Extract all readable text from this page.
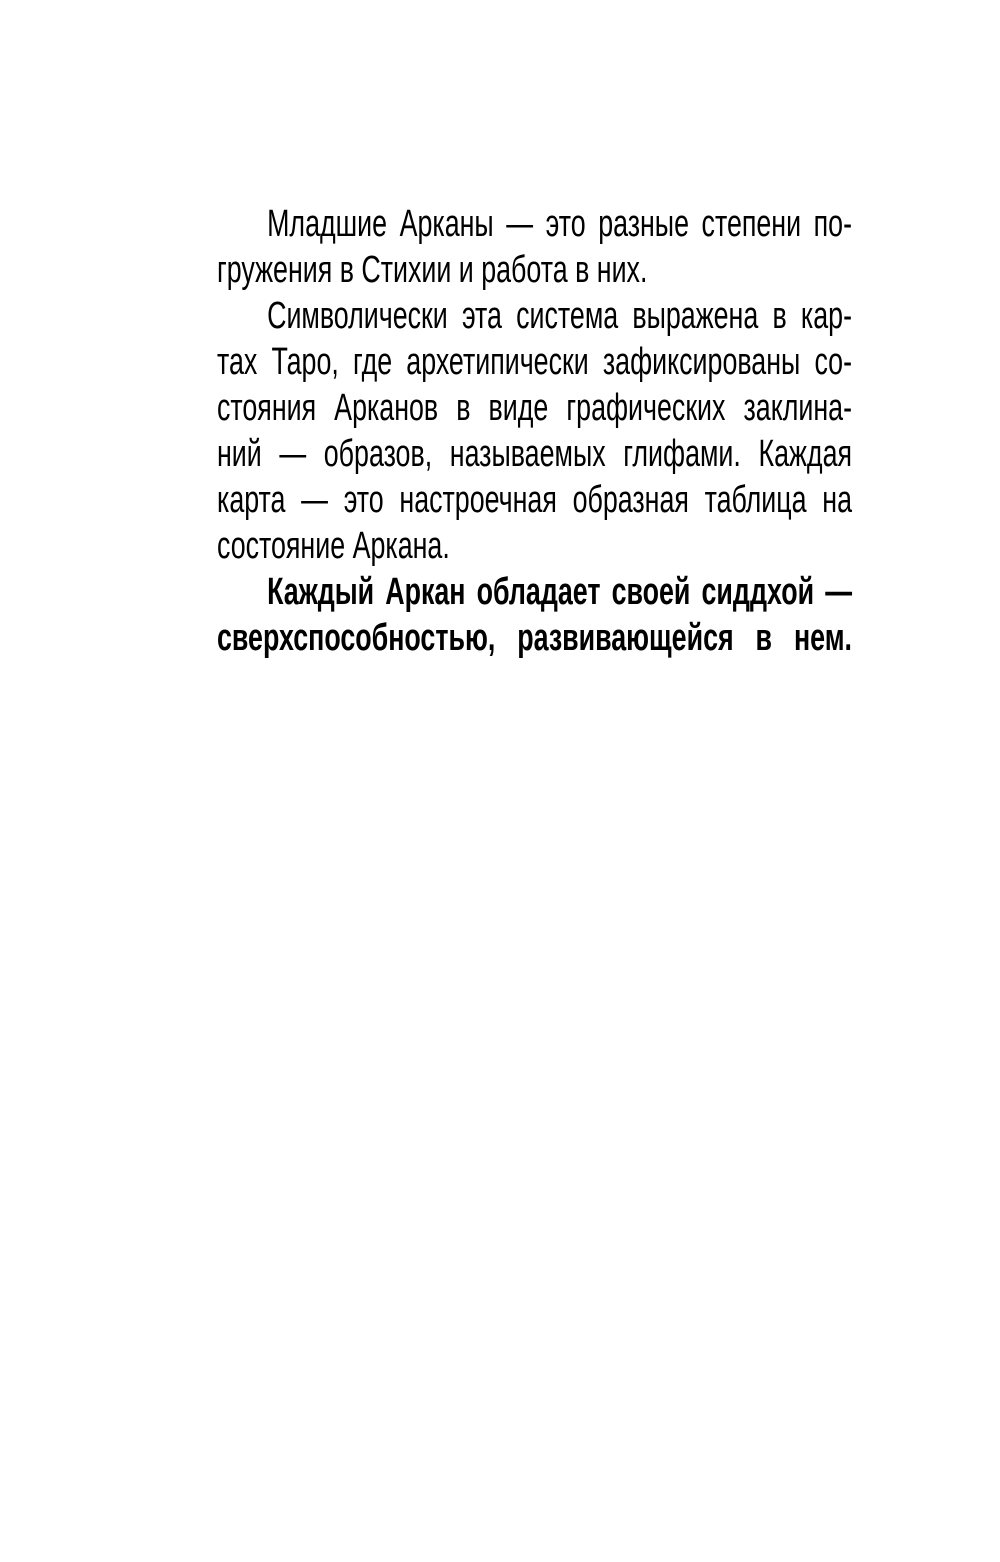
Младшие Арканы — это разные степени по-
гружения в Стихии и работа в них.
Символически эта система выражена в кар-
тах Таро, где архетипически зафиксированы со-
стояния Арканов в виде графических заклина-
ний — образов, называемых глифами. Каждая
карта — это настроечная образная таблица на
состояние Аркана.
Каждый Аркан обладает своей сиддхой —
сверхспособностью, развивающейся в нем.
